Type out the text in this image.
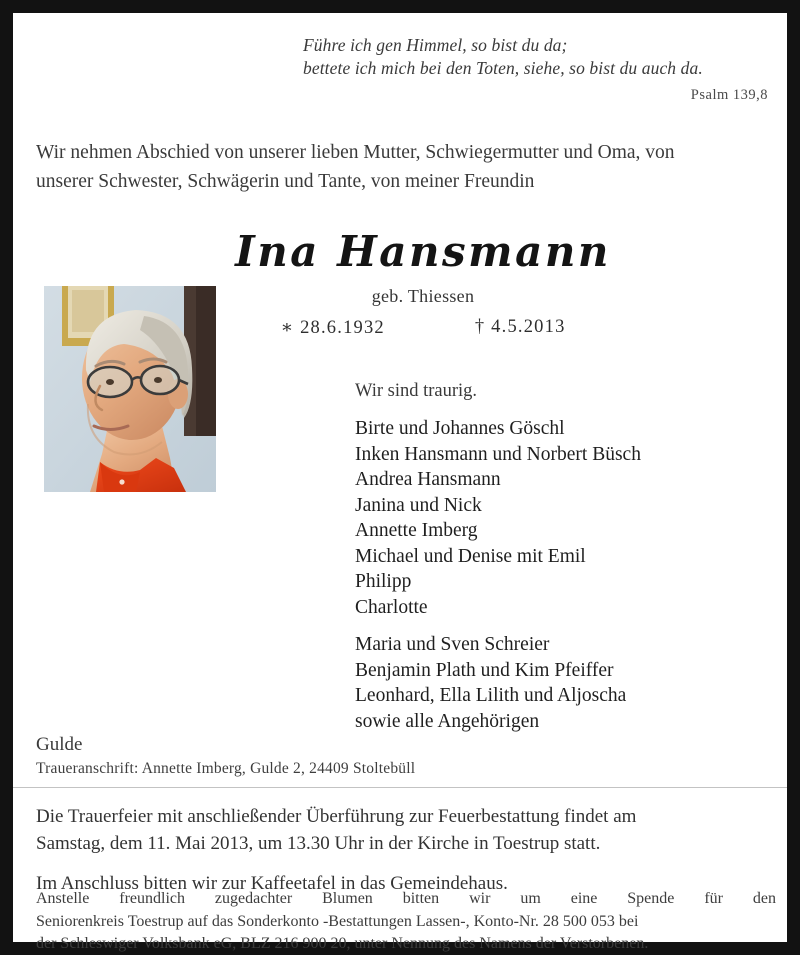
Führe ich gen Himmel, so bist du da;
bettete ich mich bei den Toten, siehe, so bist du auch da.
Psalm 139,8
Wir nehmen Abschied von unserer lieben Mutter, Schwiegermutter und Oma, von
unserer Schwester, Schwägerin und Tante, von meiner Freundin
Ina Hansmann
geb. Thiessen
∗ 28.6.1932	† 4.5.2013
Wir sind traurig.
Birte und Johannes Göschl
Inken Hansmann und Norbert Büsch
Andrea Hansmann
Janina und Nick
Annette Imberg
Michael und Denise mit Emil
Philipp
Charlotte
Maria und Sven Schreier
Benjamin Plath und Kim Pfeiffer
Leonhard, Ella Lilith und Aljoscha
sowie alle Angehörigen
Gulde
Traueranschrift: Annette Imberg, Gulde 2, 24409 Stoltebüll

Die Trauerfeier mit anschließender Überführung zur Feuerbestattung findet am
Samstag, dem 11. Mai 2013, um 13.30 Uhr in der Kirche in Toestrup statt.

Im Anschluss bitten wir zur Kaffeetafel in das Gemeindehaus.

Anstelle freundlich zugedachter Blumen bitten wir um eine Spende für den
Seniorenkreis Toestrup auf das Sonderkonto -Bestattungen Lassen-, Konto-Nr. 28 500 053 bei
der Schleswiger Volksbank eG, BLZ 216 900 20, unter Nennung des Namens der Verstorbenen.
